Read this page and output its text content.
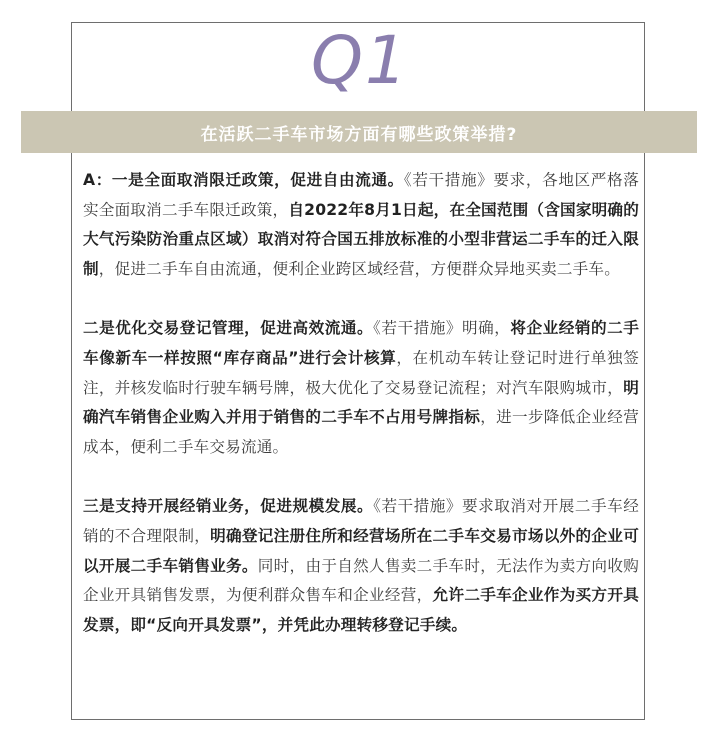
Q1
在活跃二手车市场方面有哪些政策举措?

A：一是全面取消限迁政策，促进自由流通。《若干措施》要求，各地区严格落实全面取消二手车限迁政策，自2022年8月1日起，在全国范围（含国家明确的大气污染防治重点区域）取消对符合国五排放标准的小型非营运二手车的迁入限制，促进二手车自由流通，便利企业跨区域经营，方便群众异地买卖二手车。

二是优化交易登记管理，促进高效流通。《若干措施》明确，将企业经销的二手车像新车一样按照“库存商品”进行会计核算，在机动车转让登记时进行单独签注，并核发临时行驶车辆号牌，极大优化了交易登记流程；对汽车限购城市，明确汽车销售企业购入并用于销售的二手车不占用号牌指标，进一步降低企业经营成本，便利二手车交易流通。

三是支持开展经销业务，促进规模发展。《若干措施》要求取消对开展二手车经销的不合理限制，明确登记注册住所和经营场所在二手车交易市场以外的企业可以开展二手车销售业务。同时，由于自然人售卖二手车时，无法作为卖方向收购企业开具销售发票，为便利群众售车和企业经营，允许二手车企业作为买方开具发票，即“反向开具发票”，并凭此办理转移登记手续。
